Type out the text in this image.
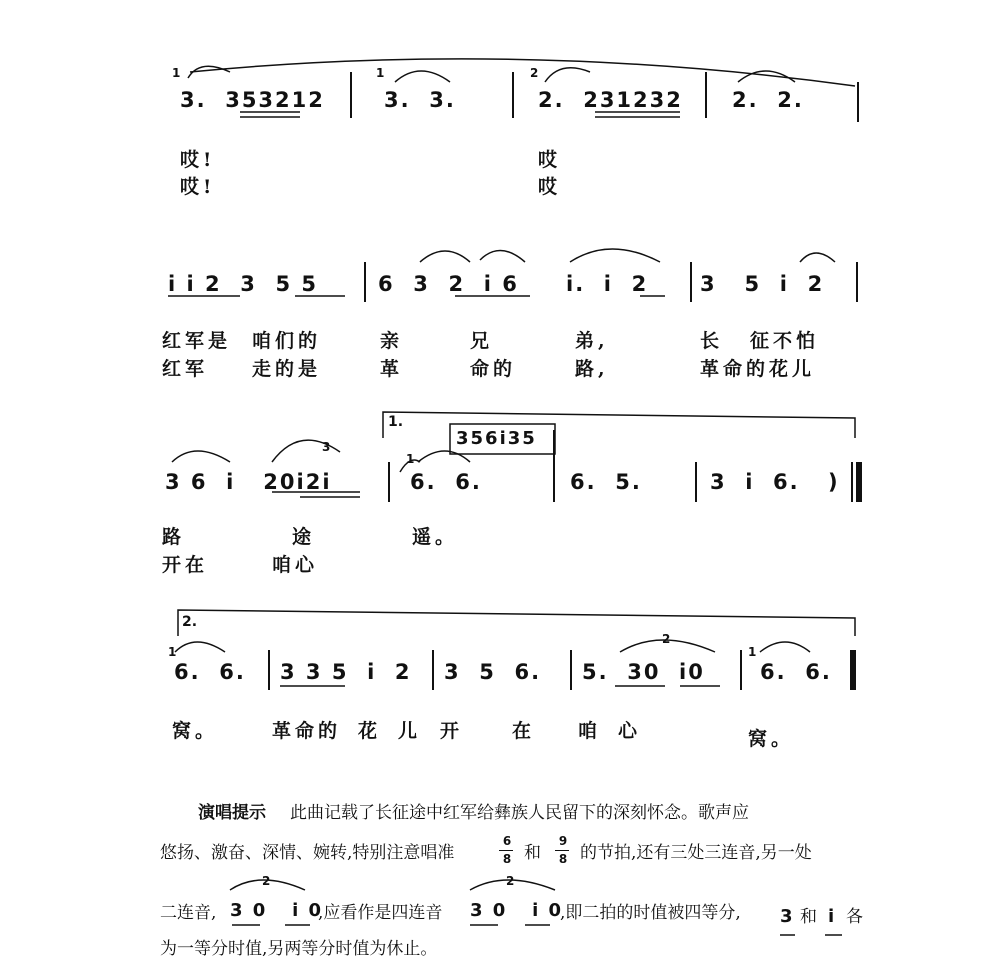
3.  353212	3.  3.	2.  231232 2.  2.
1	1	2
哎!
哎!
哎
哎
i i 2  3  5 5	6  3  2  i 6 i.  i  2 3   5  i  2
红军是 咱们的	亲	兄	弟,	长 征不怕
红军 走的是	革	命的	路,	革命的花儿
1.
356i35
3
1
3 6  i   20i2i	6.  6.	6.  5.	3  i  6. )
路	途	遥。
开在	咱心
2.
2
1	1
6.  6. 3 3 5  i  2 3  5  6. 5.  30  i0	6.  6.
窝。	革命的 花 儿 开	在 咱 心	窝。
演唱提示 此曲记载了长征途中红军给彝族人民留下的深刻怀念。歌声应
悠扬、激奋、深情、婉转,特别注意唱准
6
8 和
9
8 的节拍,还有三处三连音,另一处
二连音,
2
3 0   i 0
,应看作是四连音
2
3 0   i 0
,即二拍的时值被四等分, 3 和 i 各
为一等分时值,另两等分时值为休止。
